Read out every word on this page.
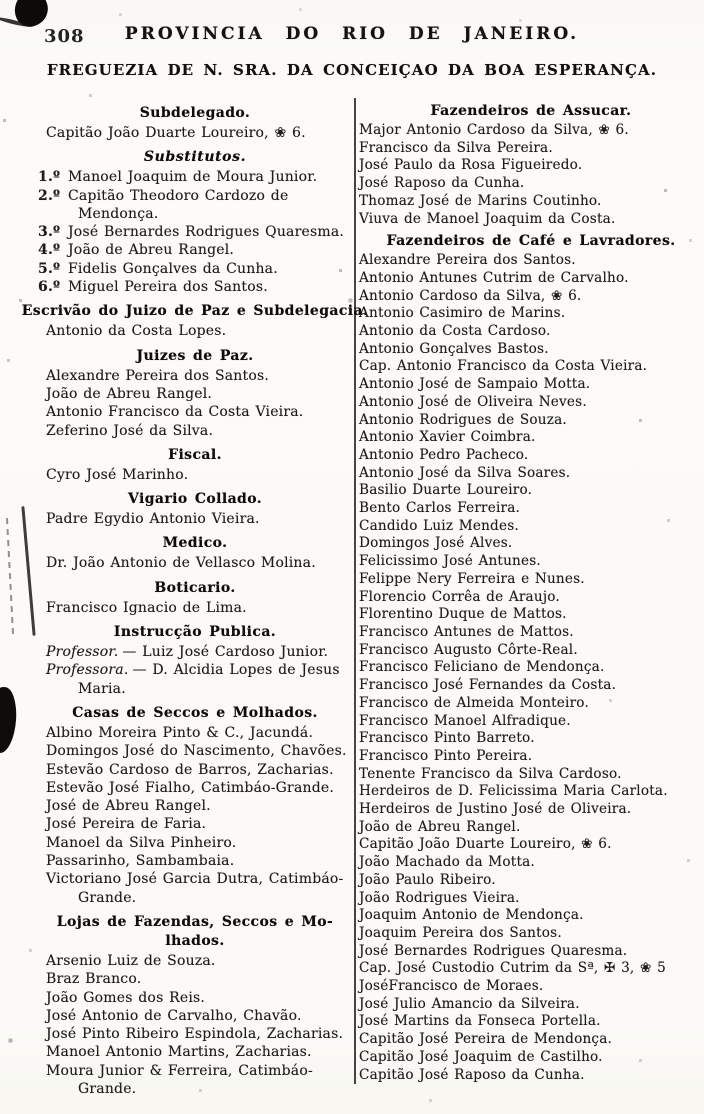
308	PROVINCIA DO RIO DE JANEIRO.
FREGUEZIA DE N. SRA. DA CONCEIÇAO DA BOA ESPERANÇA.
Subdelegado.
Capitão João Duarte Loureiro, ❀ 6.
Substitutos.
1.º Manoel Joaquim de Moura Junior.
2.º Capitão Theodoro Cardozo de Mendonça.
3.º José Bernardes Rodrigues Quaresma.
4.º João de Abreu Rangel.
5.º Fidelis Gonçalves da Cunha.
6.º Miguel Pereira dos Santos.
Escrivão do Juizo de Paz e Subdelegacia.
Antonio da Costa Lopes.
Juizes de Paz.
Alexandre Pereira dos Santos.
João de Abreu Rangel.
Antonio Francisco da Costa Vieira.
Zeferino José da Silva.
Fiscal.
Cyro José Marinho.
Vigario Collado.
Padre Egydio Antonio Vieira.
Medico.
Dr. João Antonio de Vellasco Molina.
Boticario.
Francisco Ignacio de Lima.
Instrucção Publica.
Professor. — Luiz José Cardoso Junior.
Professora. — D. Alcidia Lopes de Jesus Maria.
Casas de Seccos e Molhados.
Albino Moreira Pinto & C., Jacundá.
Domingos José do Nascimento, Chavões.
Estevão Cardoso de Barros, Zacharias.
Estevão José Fialho, Catimbáo-Grande.
José de Abreu Rangel.
José Pereira de Faria.
Manoel da Silva Pinheiro.
Passarinho, Sambambaia.
Victoriano José Garcia Dutra, Catimbáo-Grande.
Lojas de Fazendas, Seccos e Mo-
lhados.
Arsenio Luiz de Souza.
Braz Branco.
João Gomes dos Reis.
José Antonio de Carvalho, Chavão.
José Pinto Ribeiro Espindola, Zacharias.
Manoel Antonio Martins, Zacharias.
Moura Junior & Ferreira, Catimbáo-Grande.
Fazendeiros de Assucar.
Major Antonio Cardoso da Silva, ❀ 6.
Francisco da Silva Pereira.
José Paulo da Rosa Figueiredo.
José Raposo da Cunha.
Thomaz José de Marins Coutinho.
Viuva de Manoel Joaquim da Costa.
Fazendeiros de Café e Lavradores.
Alexandre Pereira dos Santos.
Antonio Antunes Cutrim de Carvalho.
Antonio Cardoso da Silva, ❀ 6.
Antonio Casimiro de Marins.
Antonio da Costa Cardoso.
Antonio Gonçalves Bastos.
Cap. Antonio Francisco da Costa Vieira.
Antonio José de Sampaio Motta.
Antonio José de Oliveira Neves.
Antonio Rodrigues de Souza.
Antonio Xavier Coimbra.
Antonio Pedro Pacheco.
Antonio José da Silva Soares.
Basilio Duarte Loureiro.
Bento Carlos Ferreira.
Candido Luiz Mendes.
Domingos José Alves.
Felicissimo José Antunes.
Felippe Nery Ferreira e Nunes.
Florencio Corrêa de Araujo.
Florentino Duque de Mattos.
Francisco Antunes de Mattos.
Francisco Augusto Côrte-Real.
Francisco Feliciano de Mendonça.
Francisco José Fernandes da Costa.
Francisco de Almeida Monteiro.
Francisco Manoel Alfradique.
Francisco Pinto Barreto.
Francisco Pinto Pereira.
Tenente Francisco da Silva Cardoso.
Herdeiros de D. Felicissima Maria Carlota.
Herdeiros de Justino José de Oliveira.
João de Abreu Rangel.
Capitão João Duarte Loureiro, ❀ 6.
João Machado da Motta.
João Paulo Ribeiro.
João Rodrigues Vieira.
Joaquim Antonio de Mendonça.
Joaquim Pereira dos Santos.
José Bernardes Rodrigues Quaresma.
Cap. José Custodio Cutrim da Sª, ✠ 3, ❀ 5
JoséFrancisco de Moraes.
José Julio Amancio da Silveira.
José Martins da Fonseca Portella.
Capitão José Pereira de Mendonça.
Capitão José Joaquim de Castilho.
Capitão José Raposo da Cunha.
